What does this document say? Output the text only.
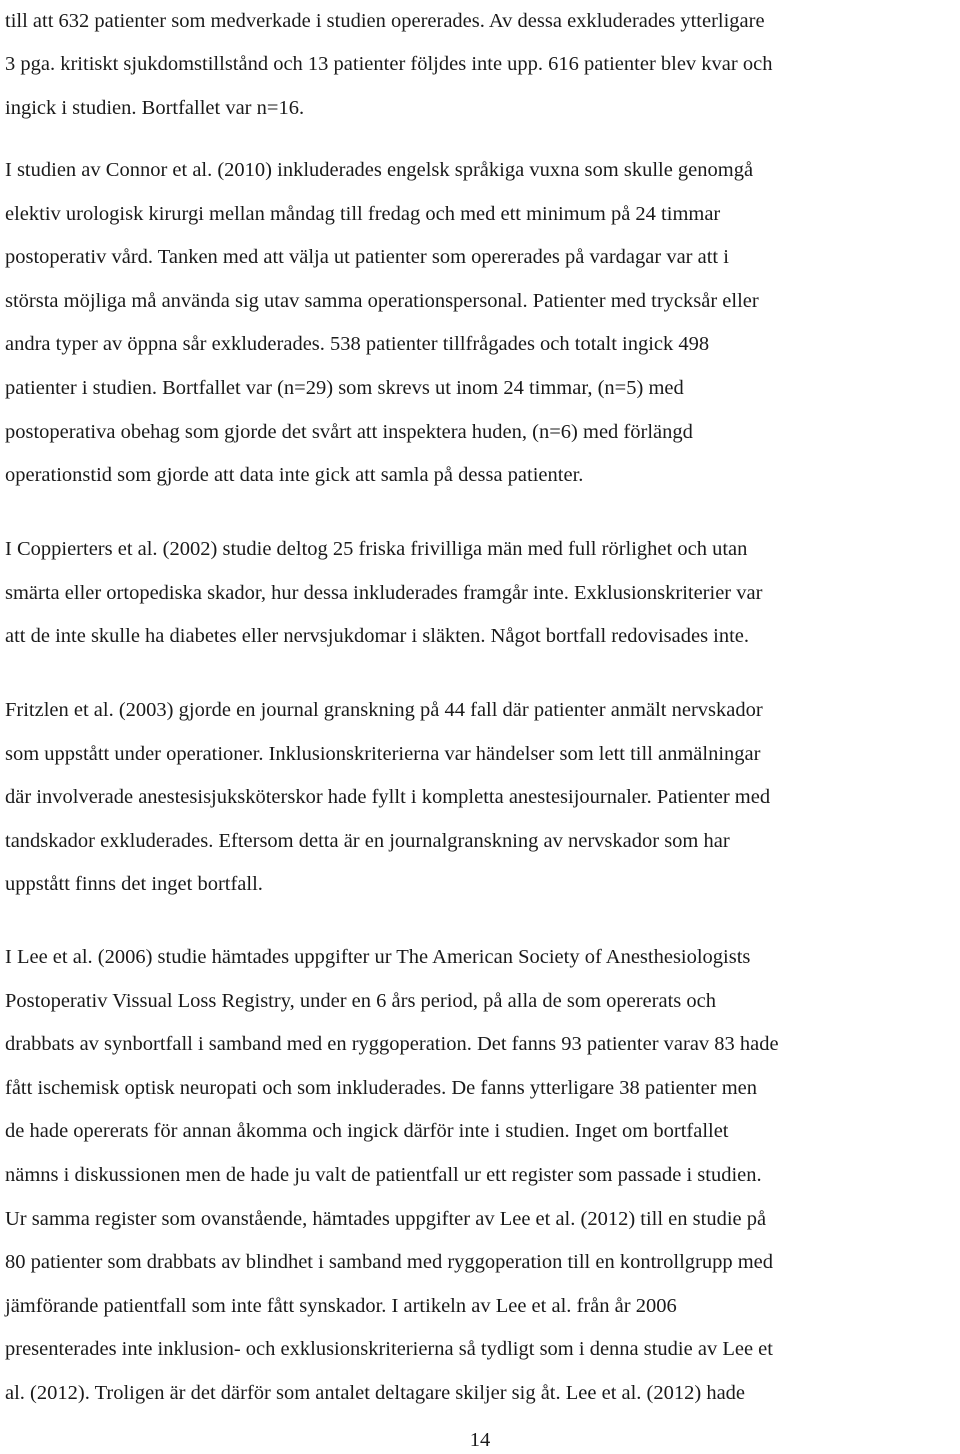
till att 632 patienter som medverkade i studien opererades. Av dessa exkluderades ytterligare
3 pga. kritiskt sjukdomstillstånd och 13 patienter följdes inte upp. 616 patienter blev kvar och
ingick i studien. Bortfallet var n=16.
I studien av Connor et al. (2010) inkluderades engelsk språkiga vuxna som skulle genomgå
elektiv urologisk kirurgi mellan måndag till fredag och med ett minimum på 24 timmar
postoperativ vård. Tanken med att välja ut patienter som opererades på vardagar var att i
största möjliga må använda sig utav samma operationspersonal. Patienter med trycksår eller
andra typer av öppna sår exkluderades. 538 patienter tillfrågades och totalt ingick 498
patienter i studien. Bortfallet var (n=29) som skrevs ut inom 24 timmar, (n=5) med
postoperativa obehag som gjorde det svårt att inspektera huden, (n=6) med förlängd
operationstid som gjorde att data inte gick att samla på dessa patienter.
I Coppierters et al. (2002) studie deltog 25 friska frivilliga män med full rörlighet och utan
smärta eller ortopediska skador, hur dessa inkluderades framgår inte. Exklusionskriterier var
att de inte skulle ha diabetes eller nervsjukdomar i släkten. Något bortfall redovisades inte.
Fritzlen et al. (2003) gjorde en journal granskning på 44 fall där patienter anmält nervskador
som uppstått under operationer. Inklusionskriterierna var händelser som lett till anmälningar
där involverade anestesisjuksköterskor hade fyllt i kompletta anestesijournaler. Patienter med
tandskador exkluderades. Eftersom detta är en journalgranskning av nervskador som har
uppstått finns det inget bortfall.
I Lee et al. (2006) studie hämtades uppgifter ur The American Society of Anesthesiologists
Postoperativ Vissual Loss Registry, under en 6 års period, på alla de som opererats och
drabbats av synbortfall i samband med en ryggoperation. Det fanns 93 patienter varav 83 hade
fått ischemisk optisk neuropati och som inkluderades. De fanns ytterligare 38 patienter men
de hade opererats för annan åkomma och ingick därför inte i studien. Inget om bortfallet
nämns i diskussionen men de hade ju valt de patientfall ur ett register som passade i studien.
Ur samma register som ovanstående, hämtades uppgifter av Lee et al. (2012) till en studie på
80 patienter som drabbats av blindhet i samband med ryggoperation till en kontrollgrupp med
jämförande patientfall som inte fått synskador. I artikeln av Lee et al. från år 2006
presenterades inte inklusion- och exklusionskriterierna så tydligt som i denna studie av Lee et
al. (2012). Troligen är det därför som antalet deltagare skiljer sig åt. Lee et al. (2012) hade
14
